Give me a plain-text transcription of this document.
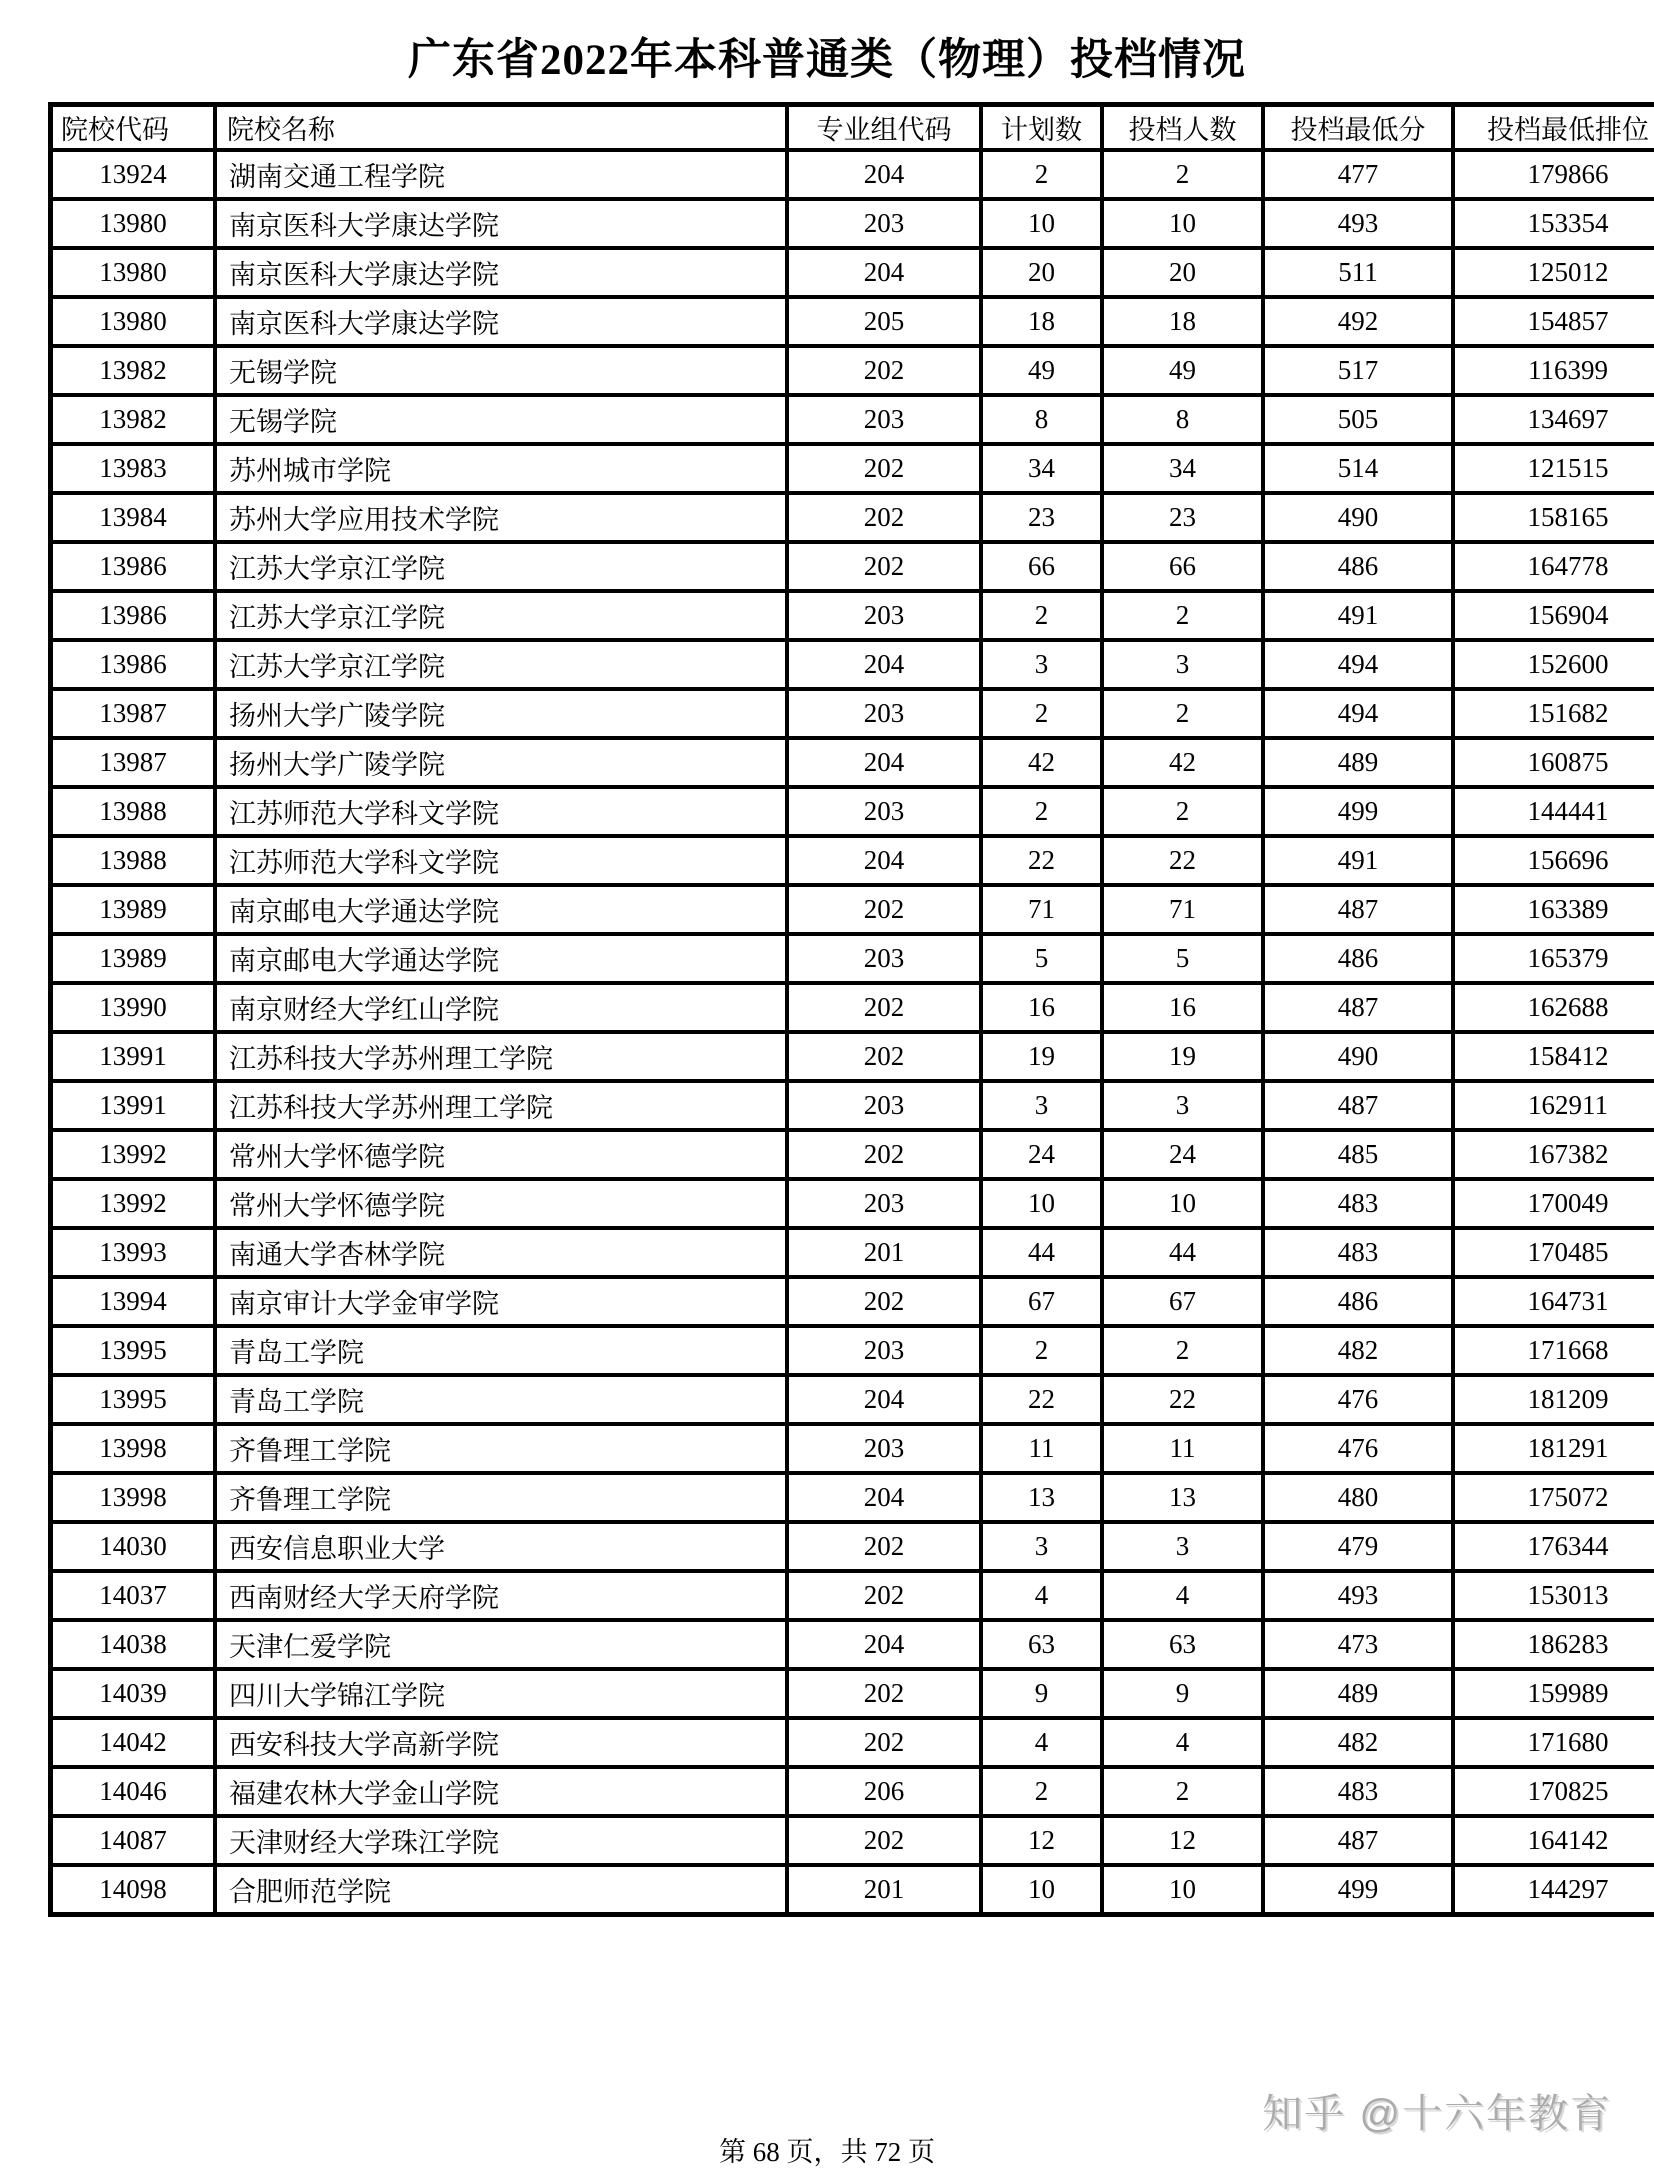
广东省2022年本科普通类（物理）投档情况
院校代码	院校名称	专业组代码	计划数	投档人数	投档最低分	投档最低排位
13924	湖南交通工程学院	204	2	2	477	179866
13980	南京医科大学康达学院	203	10	10	493	153354
13980	南京医科大学康达学院	204	20	20	511	125012
13980	南京医科大学康达学院	205	18	18	492	154857
13982	无锡学院	202	49	49	517	116399
13982	无锡学院	203	8	8	505	134697
13983	苏州城市学院	202	34	34	514	121515
13984	苏州大学应用技术学院	202	23	23	490	158165
13986	江苏大学京江学院	202	66	66	486	164778
13986	江苏大学京江学院	203	2	2	491	156904
13986	江苏大学京江学院	204	3	3	494	152600
13987	扬州大学广陵学院	203	2	2	494	151682
13987	扬州大学广陵学院	204	42	42	489	160875
13988	江苏师范大学科文学院	203	2	2	499	144441
13988	江苏师范大学科文学院	204	22	22	491	156696
13989	南京邮电大学通达学院	202	71	71	487	163389
13989	南京邮电大学通达学院	203	5	5	486	165379
13990	南京财经大学红山学院	202	16	16	487	162688
13991	江苏科技大学苏州理工学院	202	19	19	490	158412
13991	江苏科技大学苏州理工学院	203	3	3	487	162911
13992	常州大学怀德学院	202	24	24	485	167382
13992	常州大学怀德学院	203	10	10	483	170049
13993	南通大学杏林学院	201	44	44	483	170485
13994	南京审计大学金审学院	202	67	67	486	164731
13995	青岛工学院	203	2	2	482	171668
13995	青岛工学院	204	22	22	476	181209
13998	齐鲁理工学院	203	11	11	476	181291
13998	齐鲁理工学院	204	13	13	480	175072
14030	西安信息职业大学	202	3	3	479	176344
14037	西南财经大学天府学院	202	4	4	493	153013
14038	天津仁爱学院	204	63	63	473	186283
14039	四川大学锦江学院	202	9	9	489	159989
14042	西安科技大学高新学院	202	4	4	482	171680
14046	福建农林大学金山学院	206	2	2	483	170825
14087	天津财经大学珠江学院	202	12	12	487	164142
14098	合肥师范学院	201	10	10	499	144297
知乎 @十六年教育
第 68 页，共 72 页
